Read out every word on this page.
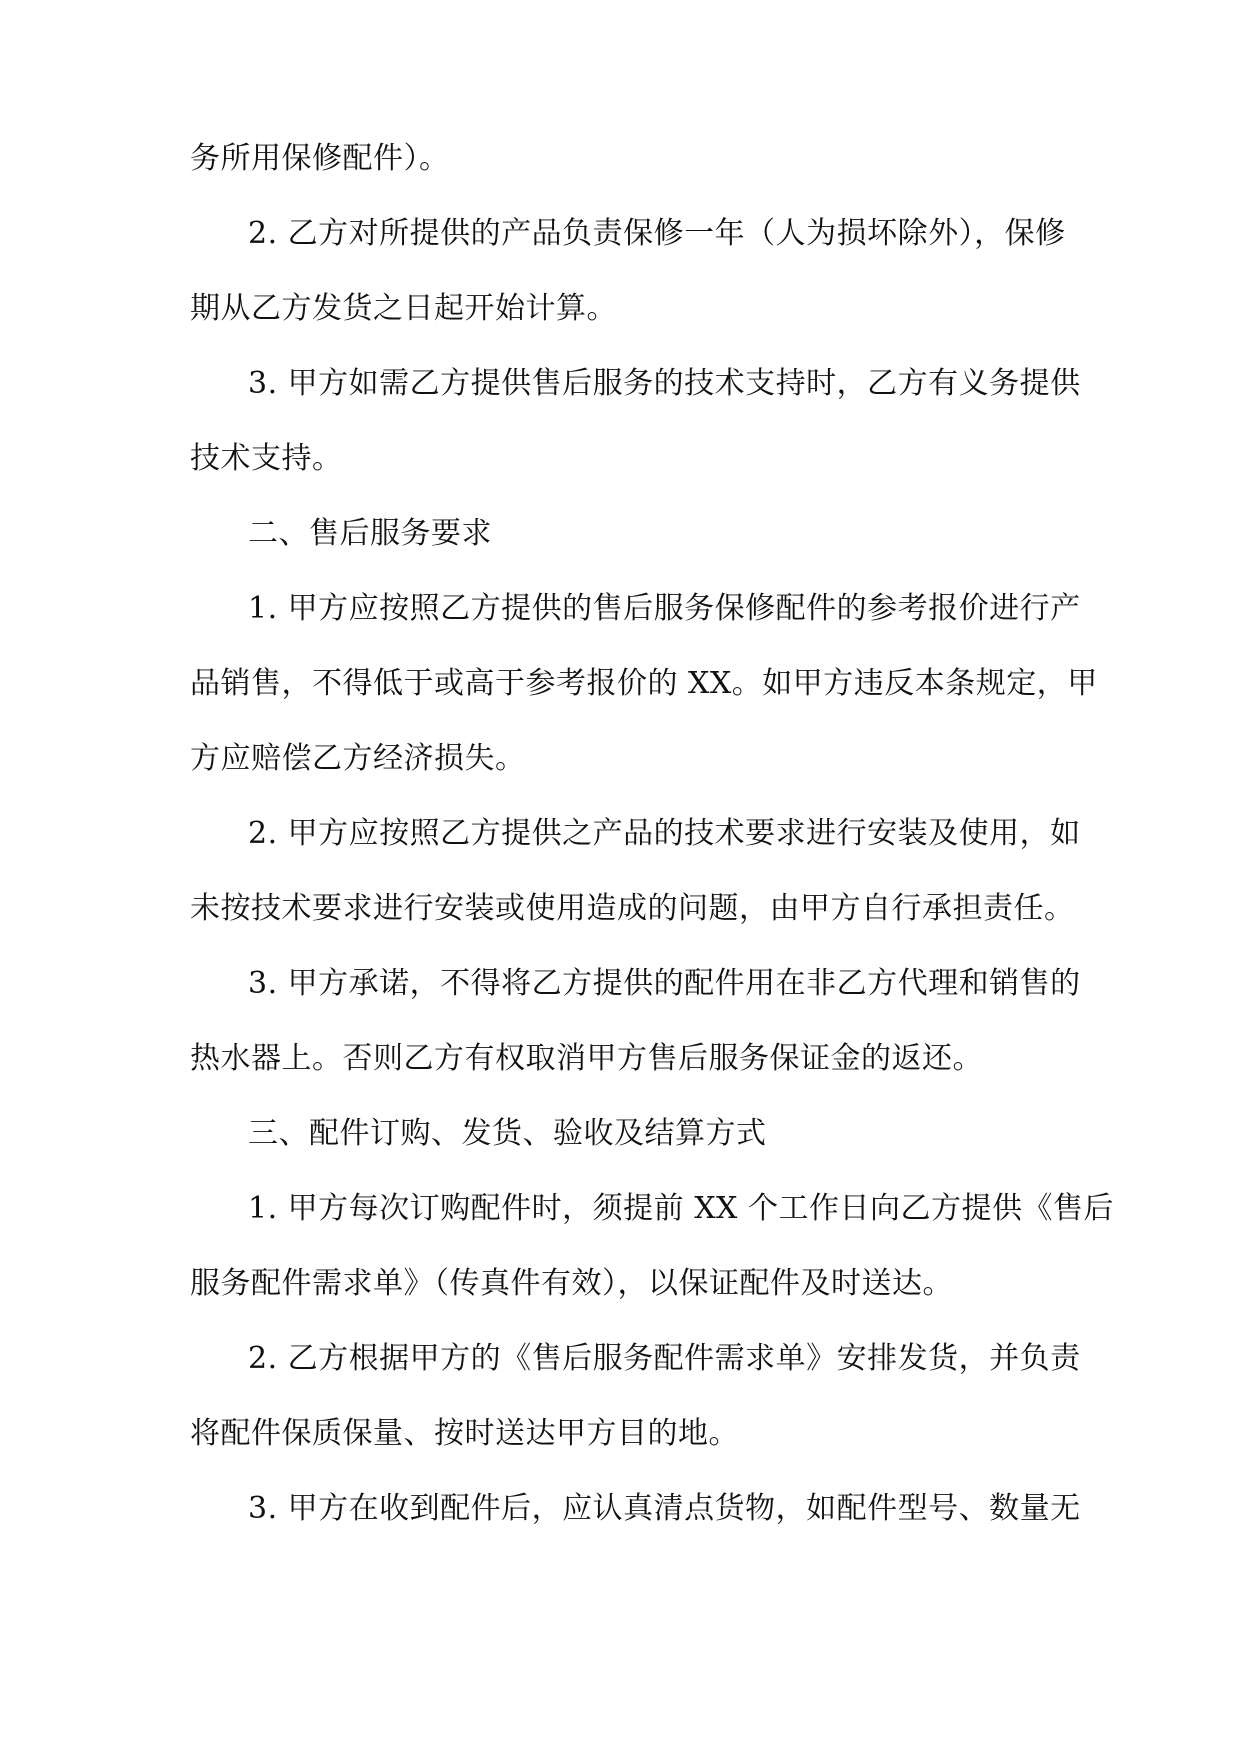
务所用保修配件）。
2. 乙方对所提供的产品负责保修一年（人为损坏除外），保修
期从乙方发货之日起开始计算。
3. 甲方如需乙方提供售后服务的技术支持时，乙方有义务提供
技术支持。
二、售后服务要求
1. 甲方应按照乙方提供的售后服务保修配件的参考报价进行产
品销售，不得低于或高于参考报价的 XX。如甲方违反本条规定，甲
方应赔偿乙方经济损失。
2. 甲方应按照乙方提供之产品的技术要求进行安装及使用，如
未按技术要求进行安装或使用造成的问题，由甲方自行承担责任。
3. 甲方承诺，不得将乙方提供的配件用在非乙方代理和销售的
热水器上。否则乙方有权取消甲方售后服务保证金的返还。
三、配件订购、发货、验收及结算方式
1. 甲方每次订购配件时，须提前 XX 个工作日向乙方提供《售后
服务配件需求单》（传真件有效），以保证配件及时送达。
2. 乙方根据甲方的《售后服务配件需求单》安排发货，并负责
将配件保质保量、按时送达甲方目的地。
3. 甲方在收到配件后，应认真清点货物，如配件型号、数量无
